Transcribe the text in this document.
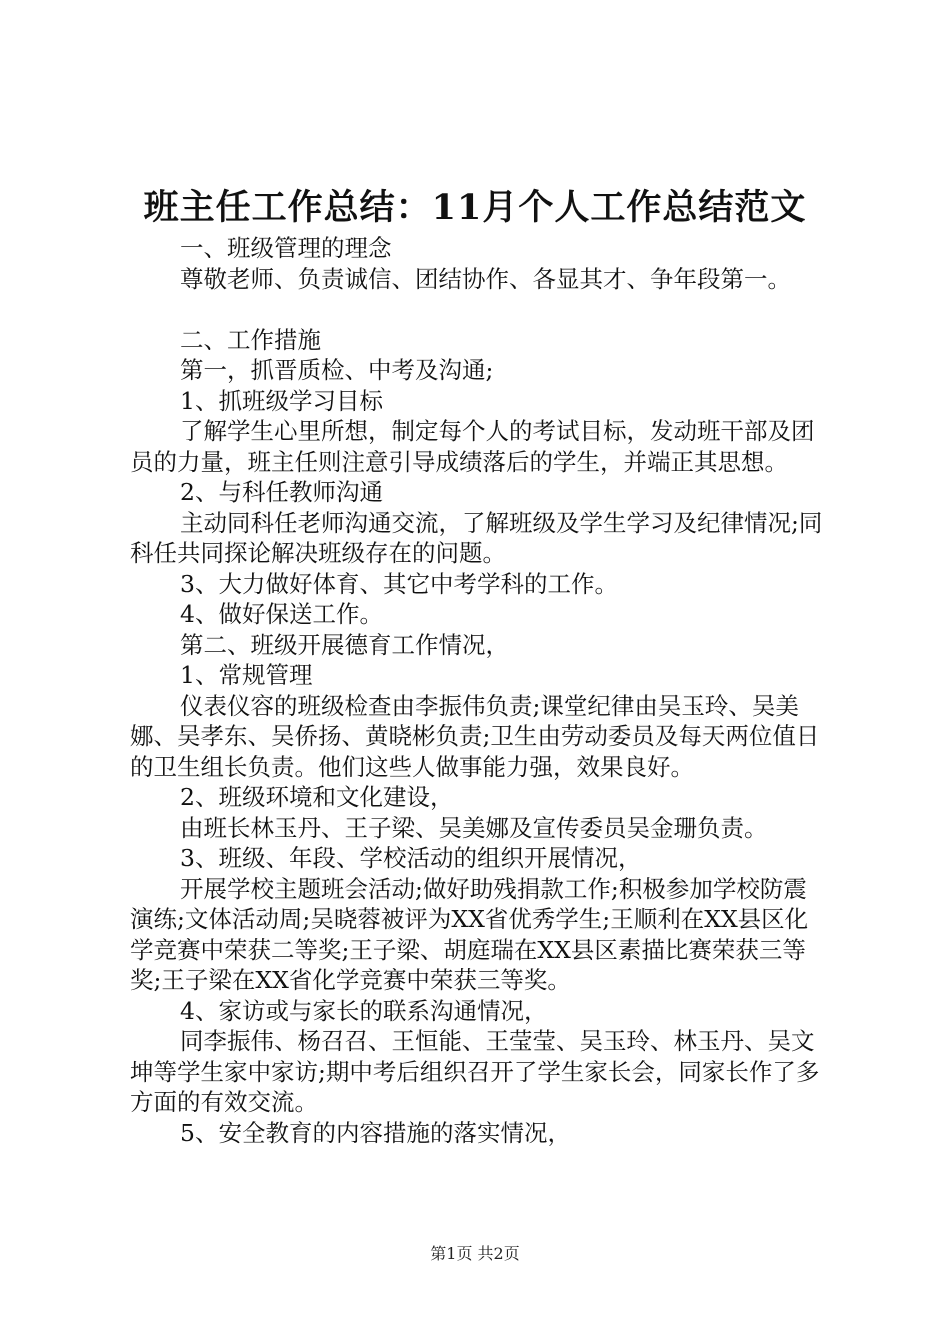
班主任工作总结：11月个人工作总结范文

一、班级管理的理念

尊敬老师、负责诚信、团结协作、各显其才、争年段第一。

二、工作措施

第一，抓晋质检、中考及沟通;

1、抓班级学习目标

了解学生心里所想，制定每个人的考试目标，发动班干部及团员的力量，班主任则注意引导成绩落后的学生，并端正其思想。

2、与科任教师沟通

主动同科任老师沟通交流，了解班级及学生学习及纪律情况;同科任共同探论解决班级存在的问题。

3、大力做好体育、其它中考学科的工作。

4、做好保送工作。

第二、班级开展德育工作情况，

1、常规管理

仪表仪容的班级检查由李振伟负责;课堂纪律由吴玉玲、吴美娜、吴孝东、吴侨扬、黄晓彬负责;卫生由劳动委员及每天两位值日的卫生组长负责。他们这些人做事能力强，效果良好。

2、班级环境和文化建设，

由班长林玉丹、王子梁、吴美娜及宣传委员吴金珊负责。

3、班级、年段、学校活动的组织开展情况，

开展学校主题班会活动;做好助残捐款工作;积极参加学校防震演练;文体活动周;吴晓蓉被评为XX省优秀学生;王顺利在XX县区化学竞赛中荣获二等奖;王子梁、胡庭瑞在XX县区素描比赛荣获三等奖;王子梁在XX省化学竞赛中荣获三等奖。

4、家访或与家长的联系沟通情况，

同李振伟、杨召召、王恒能、王莹莹、吴玉玲、林玉丹、吴文坤等学生家中家访;期中考后组织召开了学生家长会，同家长作了多方面的有效交流。

5、安全教育的内容措施的落实情况，

第1页 共2页
